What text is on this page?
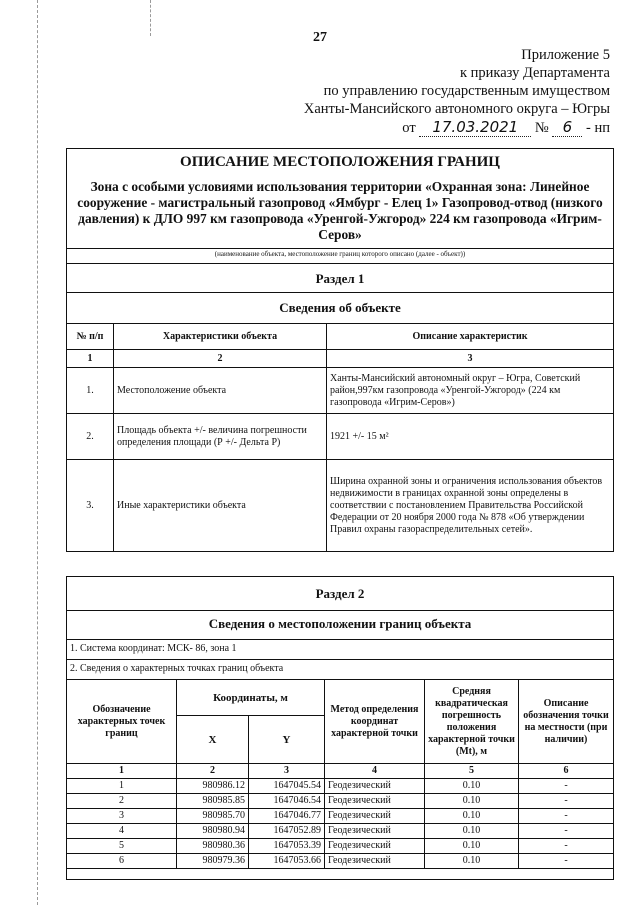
27
Приложение 5
к приказу Департамента
по управлению государственным имуществом
Ханты-Мансийского автономного округа – Югры
от 17.03.2021 № 6 - нп
ОПИСАНИЕ МЕСТОПОЛОЖЕНИЯ ГРАНИЦ
Зона с особыми условиями использования территории «Охранная зона: Линейное сооружение - магистральный газопровод «Ямбург - Елец 1» Газопровод-отвод (низкого давления) к ДЛО 997 км газопровода «Уренгой-Ужгород» 224 км газопровода «Игрим-Серов»
(наименование объекта, местоположение границ которого описано (далее - объект))
Раздел 1
Сведения об объекте
№ п/п	Характеристики объекта	Описание характеристик
1	2	3
1.	Местоположение объекта	Ханты-Мансийский автономный округ – Югра, Советский район,997км газопровода «Уренгой-Ужгород» (224 км газопровода «Игрим-Серов»)
2.	Площадь объекта +/- величина погрешности определения площади (Р +/- Дельта Р)	1921 +/- 15 м²
3.	Иные характеристики объекта	Ширина охранной зоны и ограничения использования объектов недвижимости в границах охранной зоны определены в соответствии с постановлением Правительства Российской Федерации от 20 ноября 2000 года № 878 «Об утверждении Правил охраны газораспределительных сетей».
Раздел 2
Сведения о местоположении границ объекта
1. Система координат: МСК- 86, зона 1
2. Сведения о характерных точках границ объекта
Обозначение характерных точек границ	Координаты, м		Метод определения координат характерной точки	Средняя квадратическая погрешность положения характерной точки (Mt), м	Описание обозначения точки на местности (при наличии)
	X	Y			
1	2	3	4	5	6
1	980986.12	1647045.54	Геодезический	0.10	-
2	980985.85	1647046.54	Геодезический	0.10	-
3	980985.70	1647046.77	Геодезический	0.10	-
4	980980.94	1647052.89	Геодезический	0.10	-
5	980980.36	1647053.39	Геодезический	0.10	-
6	980979.36	1647053.66	Геодезический	0.10	-
